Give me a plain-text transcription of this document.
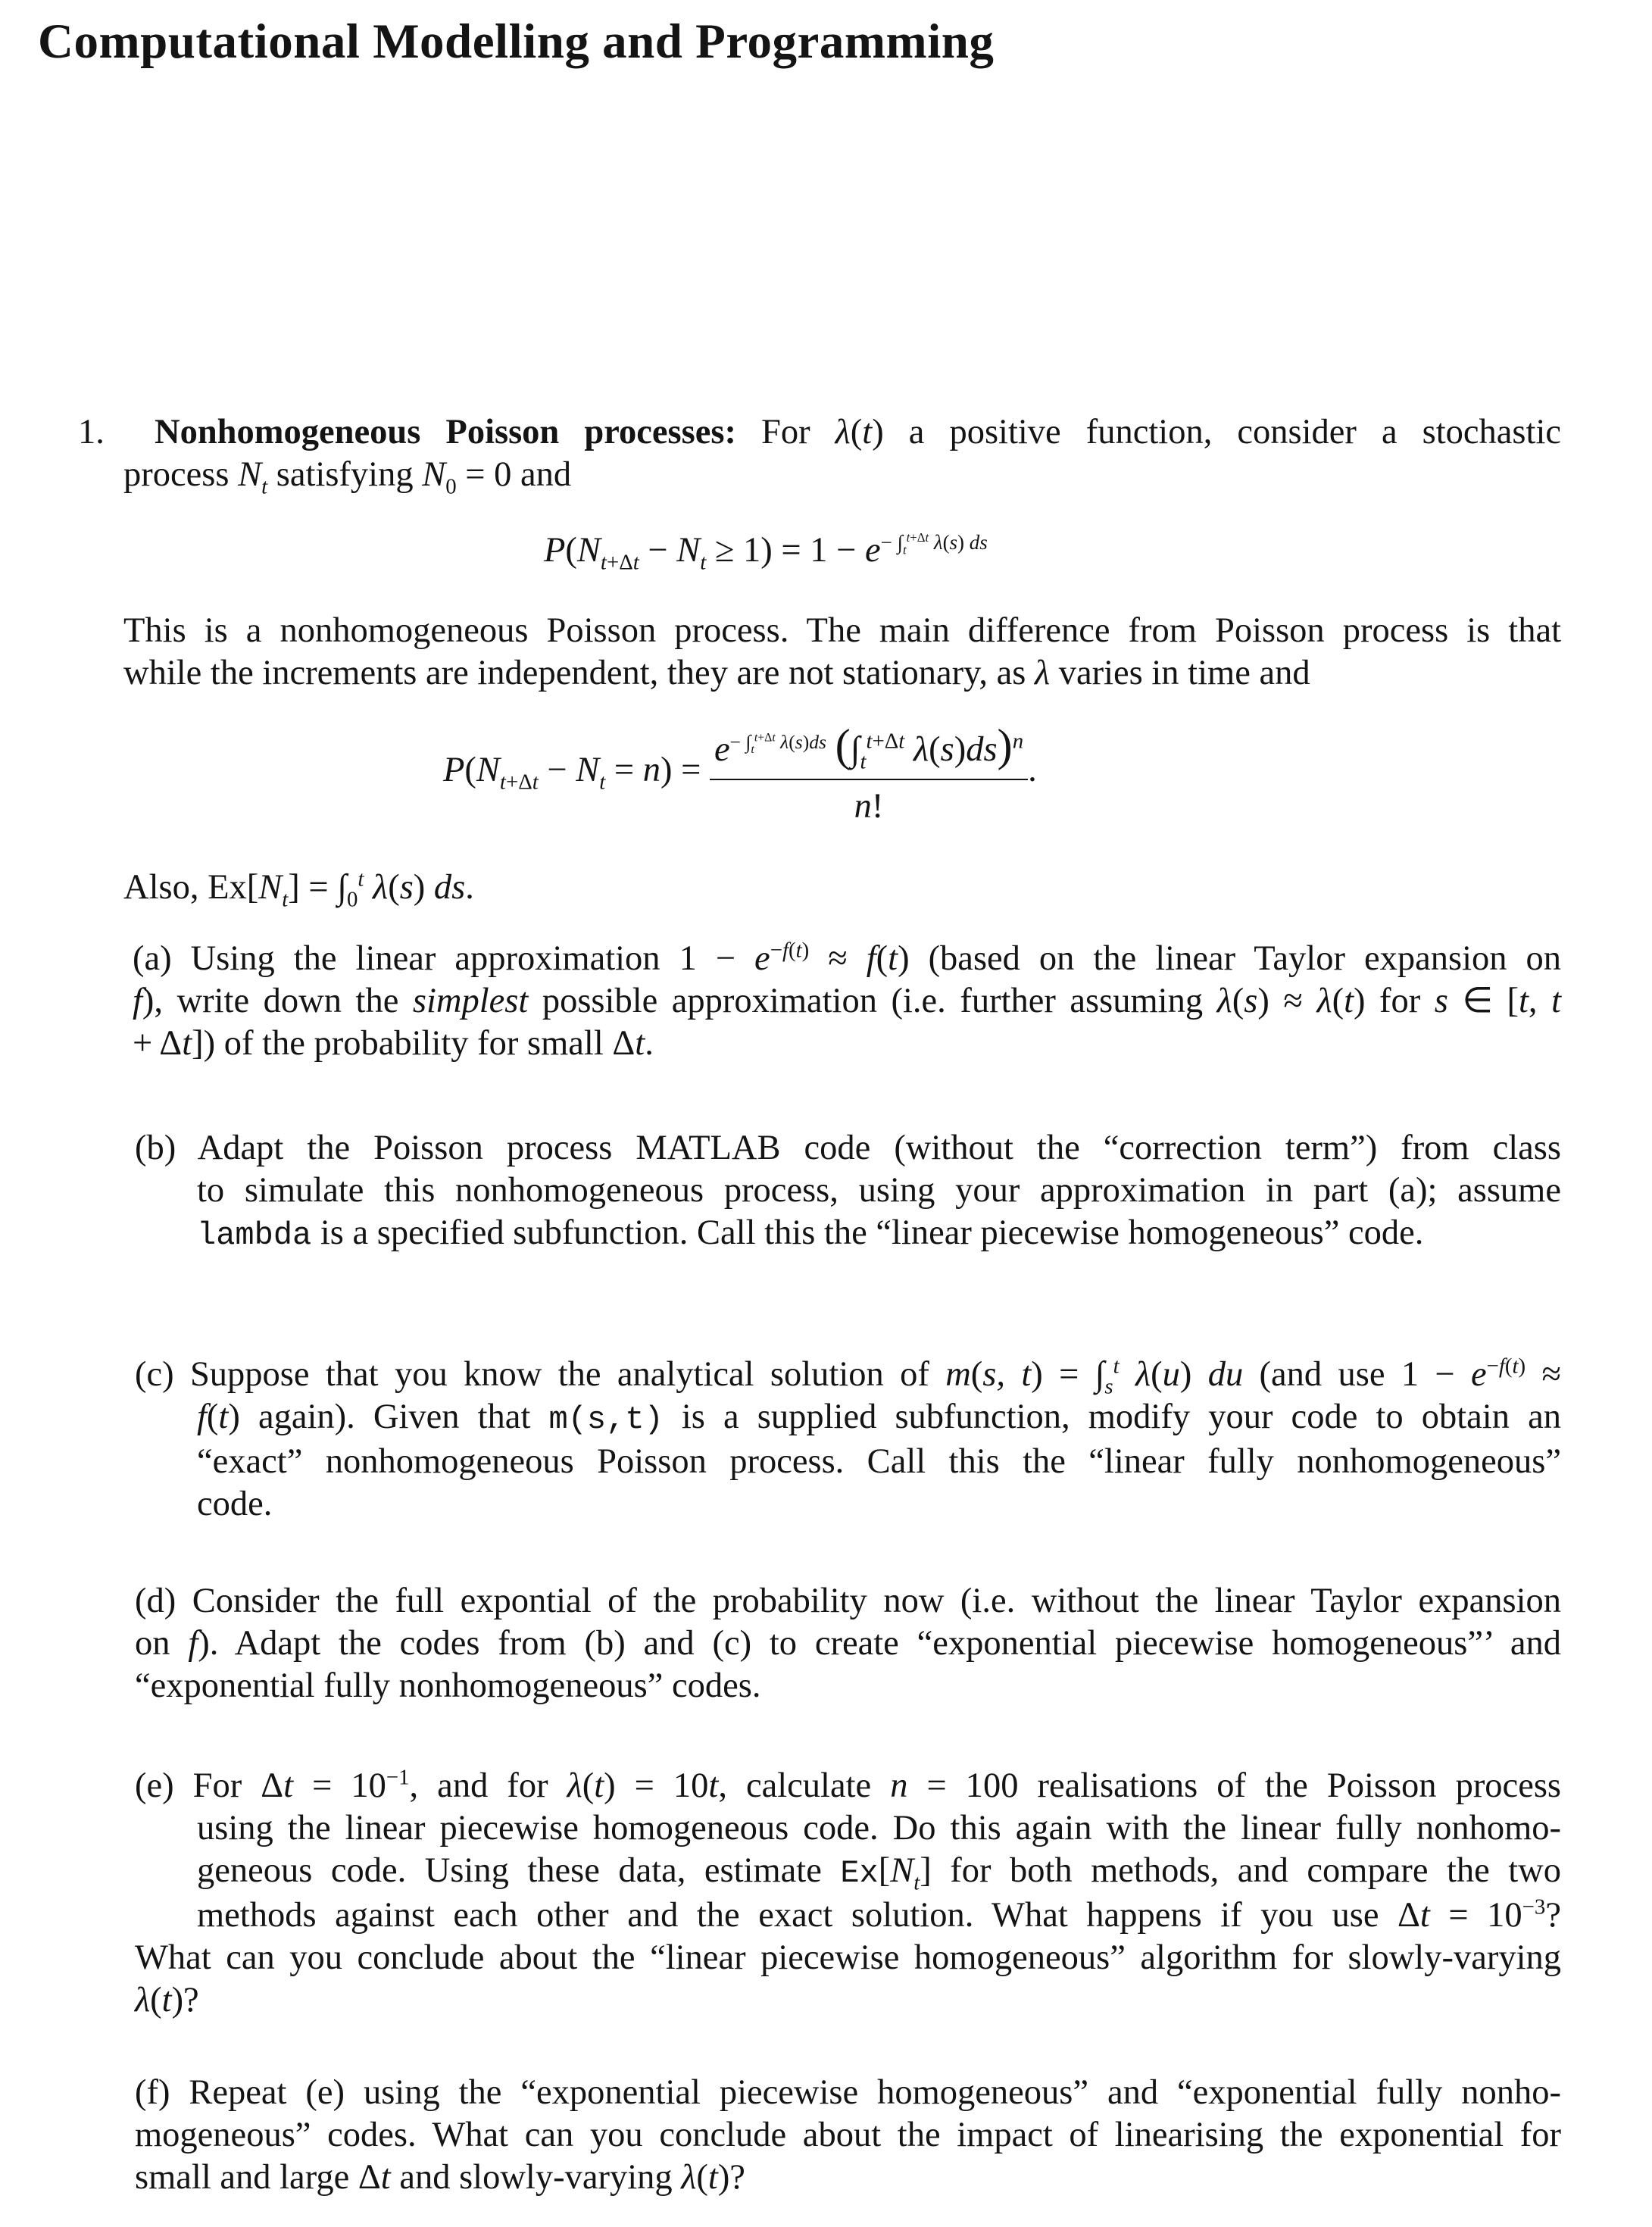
Computational Modelling and Programming
1.  Nonhomogeneous Poisson processes: For λ(t) a positive function, consider a stochastic
process $N_t$ satisfying $N_0 = 0$ and
$P(N_{t+\Delta t} - N_t \ge 1) = 1 - e^{- \int_t^{t+\Delta t} \lambda(s) ds}$
This is a nonhomogeneous Poisson process. The main difference from Poisson process is that
while the increments are independent, they are not stationary, as λ varies in time and
$P(N_{t+\Delta t} - N_t = n) = \frac{e^{- \int_t^{t+\Delta t} \lambda(s)ds} (\int_t^{t+\Delta t} \lambda(s)ds)^n}{n!}$ .
Also, $Ex[N_t] = \int_0^t$ λ(s) ds.
(a) Using the linear approximation $1 - e^{-f(t)} \approx f(t)$ (based on the linear Taylor expansion on
f), write down the simplest possible approximation (i.e. further assuming λ(s) ≈ λ(t) for s ∈ [t, t
+ Δt]) of the probability for small Δt.
(b) Adapt the Poisson process MATLAB code (without the “correction term”) from class
to simulate this nonhomogeneous process, using your approximation in part (a); assume
lambda is a specified subfunction. Call this the “linear piecewise homogeneous” code.
(c) Suppose that you know the analytical solution of m(s, $t) = \int_s^t$ λ(u) du (and use $1 - e^{-f(t)}$ ≈
f(t) again). Given that m(s,t) is a supplied subfunction, modify your code to obtain an
“exact” nonhomogeneous Poisson process. Call this the “linear fully nonhomogeneous”
code.
(d) Consider the full expontial of the probability now (i.e. without the linear Taylor expansion
on f). Adapt the codes from (b) and (c) to create “exponential piecewise homogeneous”’ and
“exponential fully nonhomogeneous” codes.
(e) For $\Delta t = 10^{-1}$, and for λ(t) = 10t, calculate n = 100 realisations of the Poisson process
using the linear piecewise homogeneous code. Do this again with the linear fully nonhomo-
geneous code. Using these data, estimate $Ex[N_t]$ for both methods, and compare the two
methods against each other and the exact solution. What happens if you use $\Delta t = 10^{-3}$?
What can you conclude about the “linear piecewise homogeneous” algorithm for slowly-varying
λ(t)?
(f) Repeat (e) using the “exponential piecewise homogeneous” and “exponential fully nonho-
mogeneous” codes. What can you conclude about the impact of linearising the exponential for
small and large Δt and slowly-varying λ(t)?
